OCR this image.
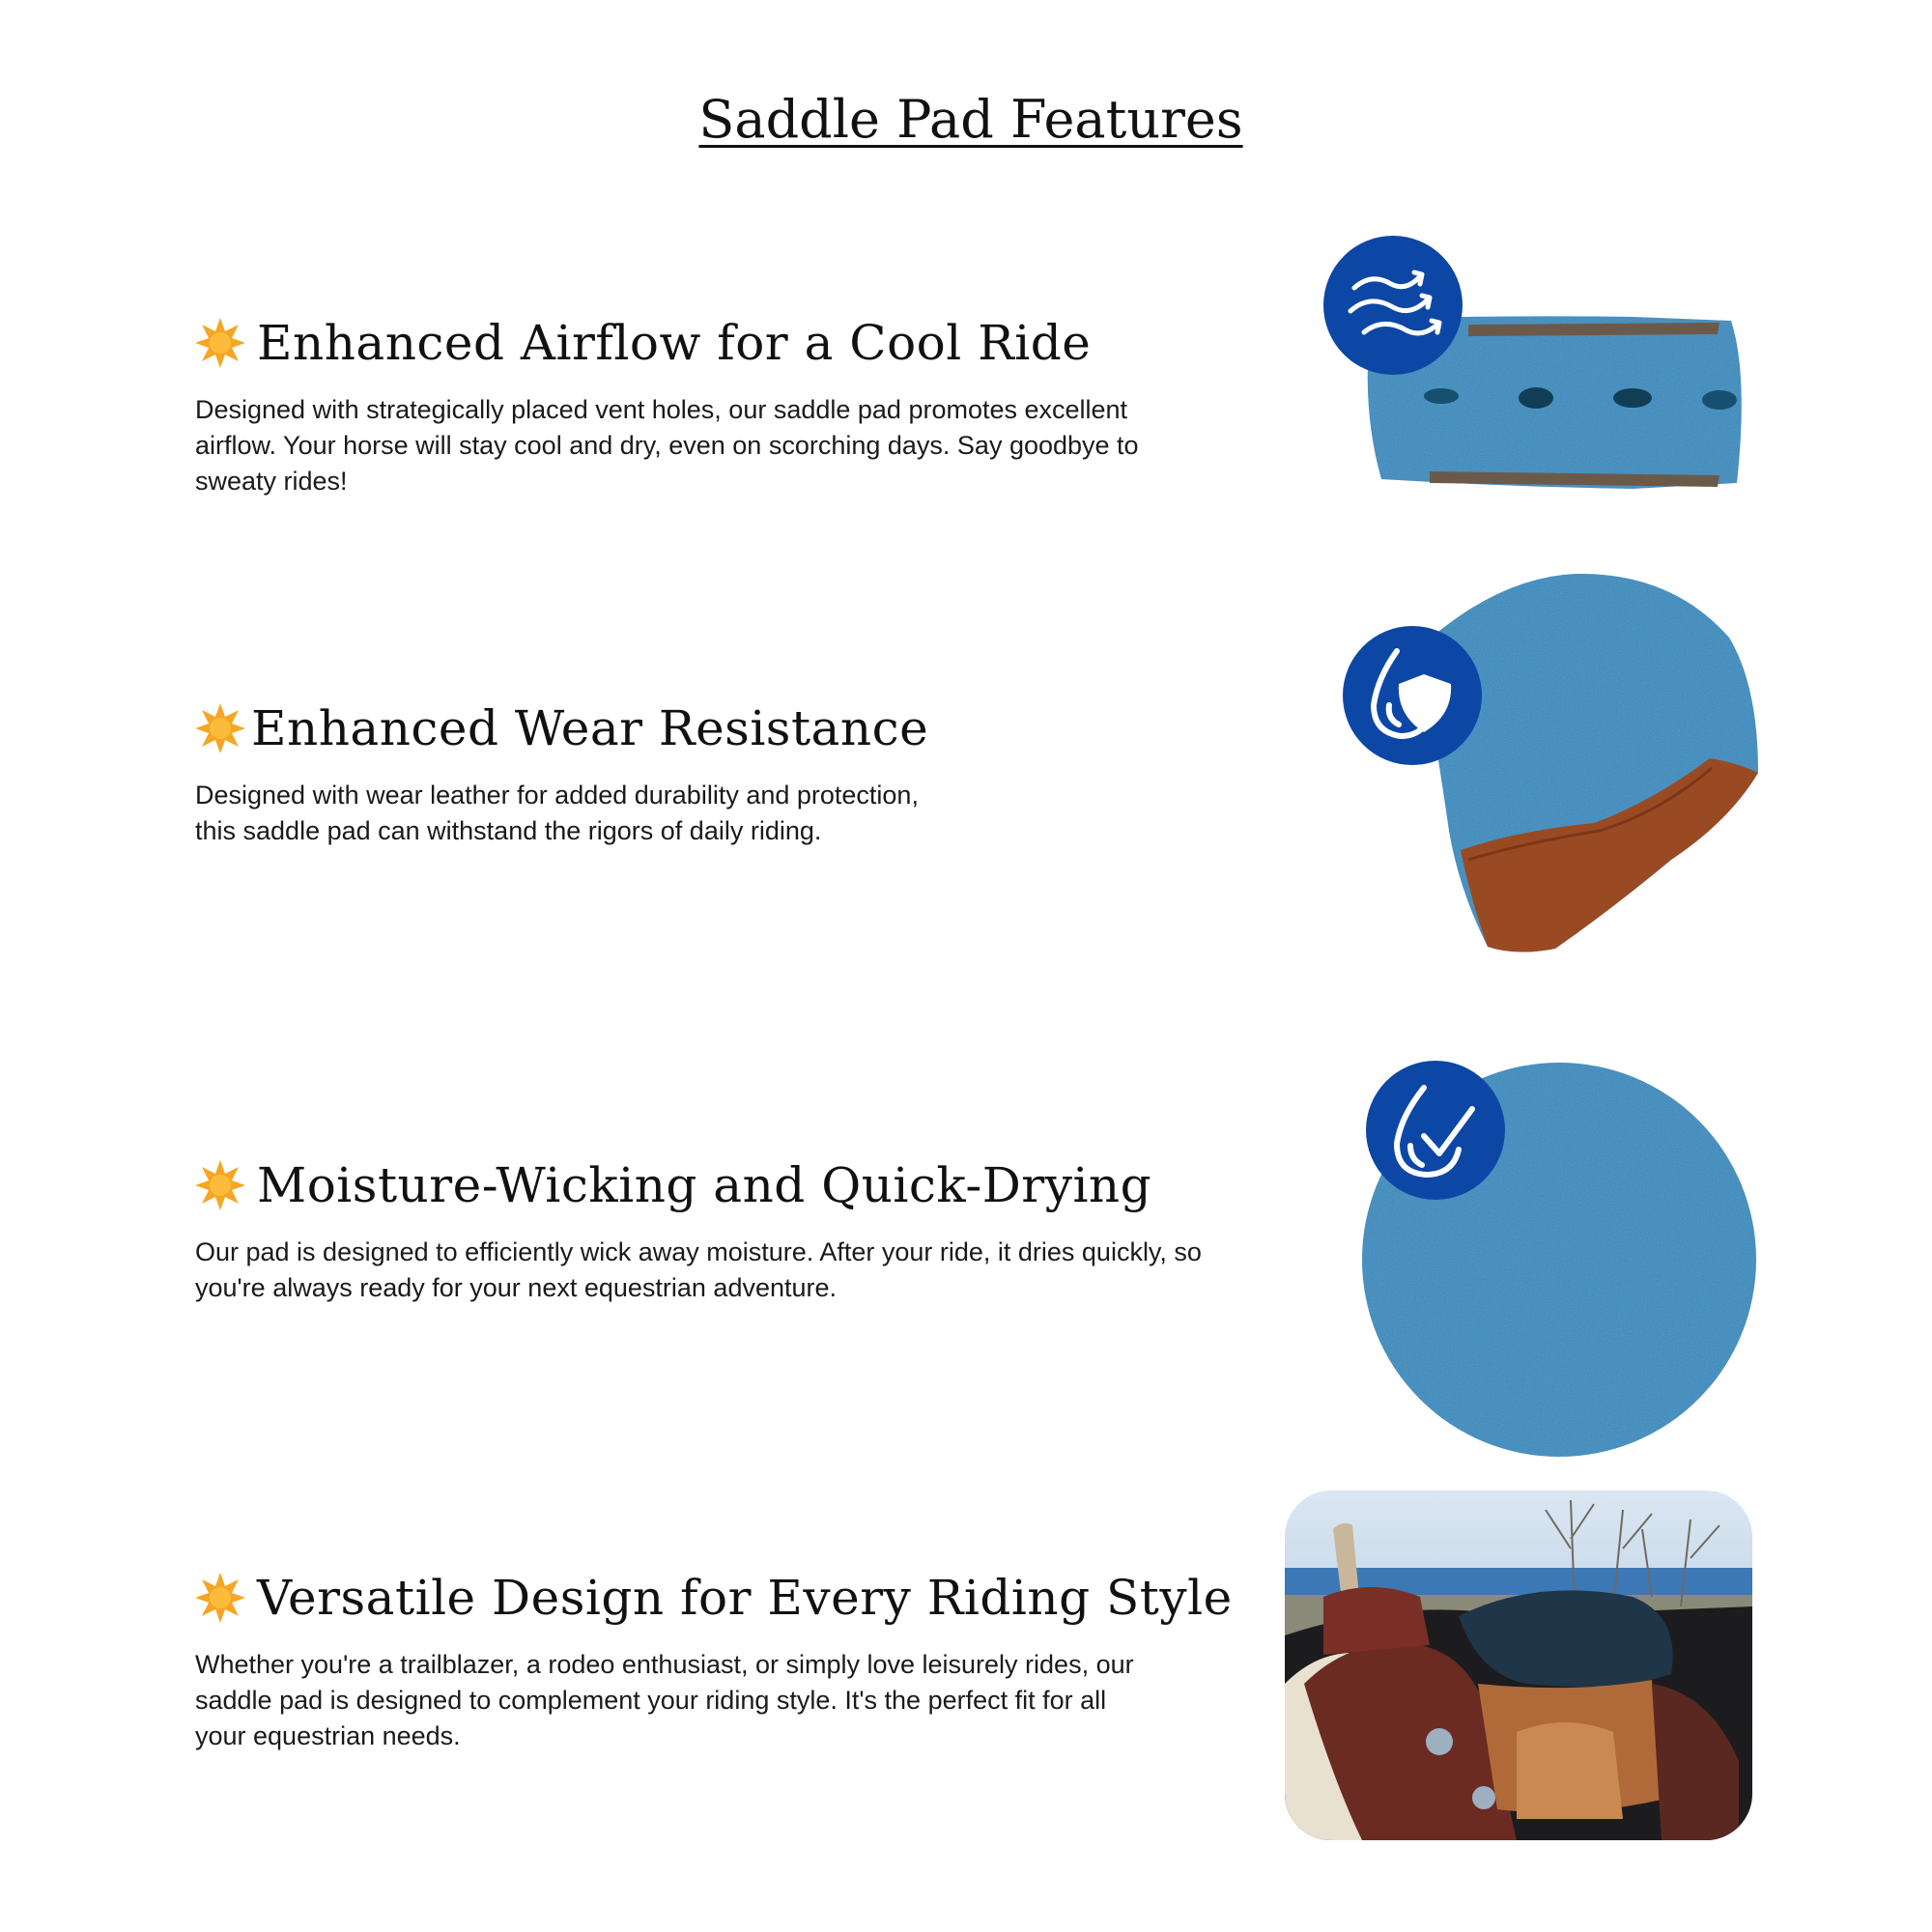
Saddle Pad Features
Enhanced Airflow for a Cool Ride

Designed with strategically placed vent holes, our saddle pad promotes excellent airflow. Your horse will stay cool and dry, even on scorching days. Say goodbye to sweaty rides!

Enhanced Wear Resistance

Designed with wear leather for added durability and protection, this saddle pad can withstand the rigors of daily riding.

Moisture-Wicking and Quick-Drying

Our pad is designed to efficiently wick away moisture. After your ride, it dries quickly, so you're always ready for your next equestrian adventure.

Versatile Design for Every Riding Style

Whether you're a trailblazer, a rodeo enthusiast, or simply love leisurely rides, our saddle pad is designed to complement your riding style. It's the perfect fit for all your equestrian needs.
